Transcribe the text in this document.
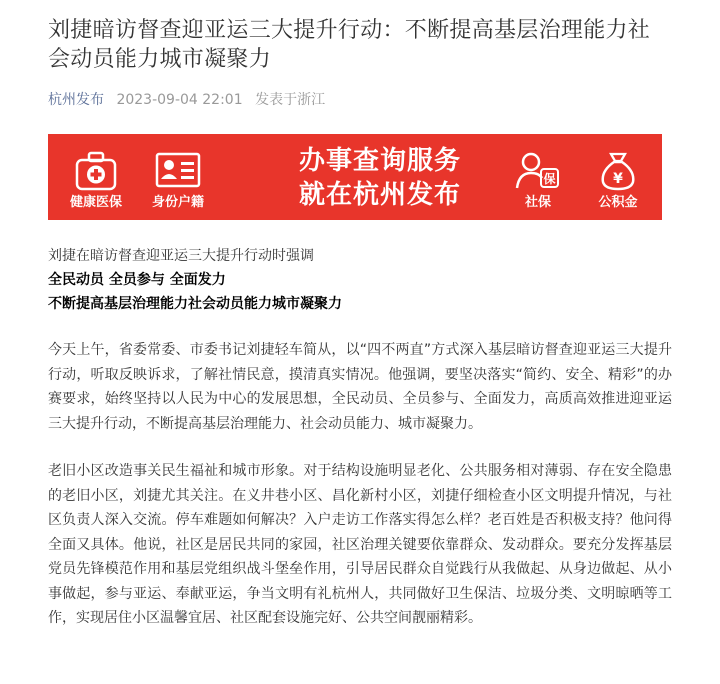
刘捷暗访督查迎亚运三大提升行动：不断提高基层治理能力社会动员能力城市凝聚力
杭州发布 2023-09-04 22:01 发表于浙江
健康医保	身份户籍
办事查询服务
就在杭州发布
保
社保
¥
公积金
刘捷在暗访督查迎亚运三大提升行动时强调
全民动员 全员参与 全面发力
不断提高基层治理能力社会动员能力城市凝聚力

今天上午，省委常委、市委书记刘捷轻车简从，以“四不两直”方式深入基层暗访督查迎亚运三大提升行动，听取反映诉求，了解社情民意，摸清真实情况。他强调，要坚决落实“简约、安全、精彩”的办赛要求，始终坚持以人民为中心的发展思想，全民动员、全员参与、全面发力，高质高效推进迎亚运三大提升行动，不断提高基层治理能力、社会动员能力、城市凝聚力。

老旧小区改造事关民生福祉和城市形象。对于结构设施明显老化、公共服务相对薄弱、存在安全隐患的老旧小区，刘捷尤其关注。在义井巷小区、昌化新村小区，刘捷仔细检查小区文明提升情况，与社区负责人深入交流。停车难题如何解决？入户走访工作落实得怎么样？老百姓是否积极支持？他问得全面又具体。他说，社区是居民共同的家园，社区治理关键要依靠群众、发动群众。要充分发挥基层党员先锋模范作用和基层党组织战斗堡垒作用，引导居民群众自觉践行从我做起、从身边做起、从小事做起，参与亚运、奉献亚运，争当文明有礼杭州人，共同做好卫生保洁、垃圾分类、文明晾晒等工作，实现居住小区温馨宜居、社区配套设施完好、公共空间靓丽精彩。
